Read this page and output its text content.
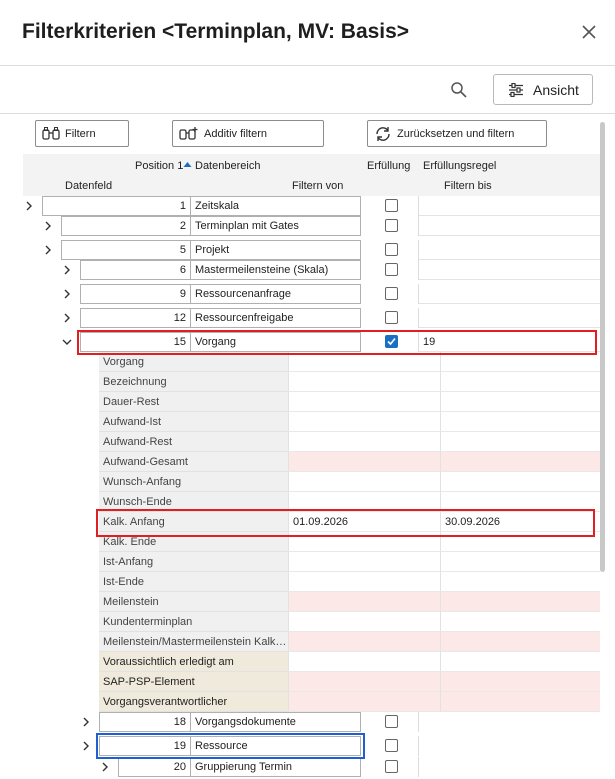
Filterkriterien <Terminplan, MV: Basis>
Ansicht
Filtern	Additiv filtern	Zurücksetzen und filtern
Position 1	Datenbereich	Erfüllung Erfüllungsregel
Datenfeld	Filtern von	Filtern bis
1 Zeitskala
2 Terminplan mit Gates
5 Projekt
6 Mastermeilensteine (Skala)
9 Ressourcenanfrage
12 Ressourcenfreigabe
15 Vorgang	19
Vorgang
Bezeichnung
Dauer-Rest
Aufwand-Ist
Aufwand-Rest
Aufwand-Gesamt
Wunsch-Anfang
Wunsch-Ende
Kalk. Anfang	01.09.2026	30.09.2026
Kalk. Ende
Ist-Anfang
Ist-Ende
Meilenstein
Kundenterminplan
Meilenstein/Mastermeilenstein Kalk…
Voraussichtlich erledigt am
SAP-PSP-Element
Vorgangsverantwortlicher
18 Vorgangsdokumente
19 Ressource
20 Gruppierung Termin
